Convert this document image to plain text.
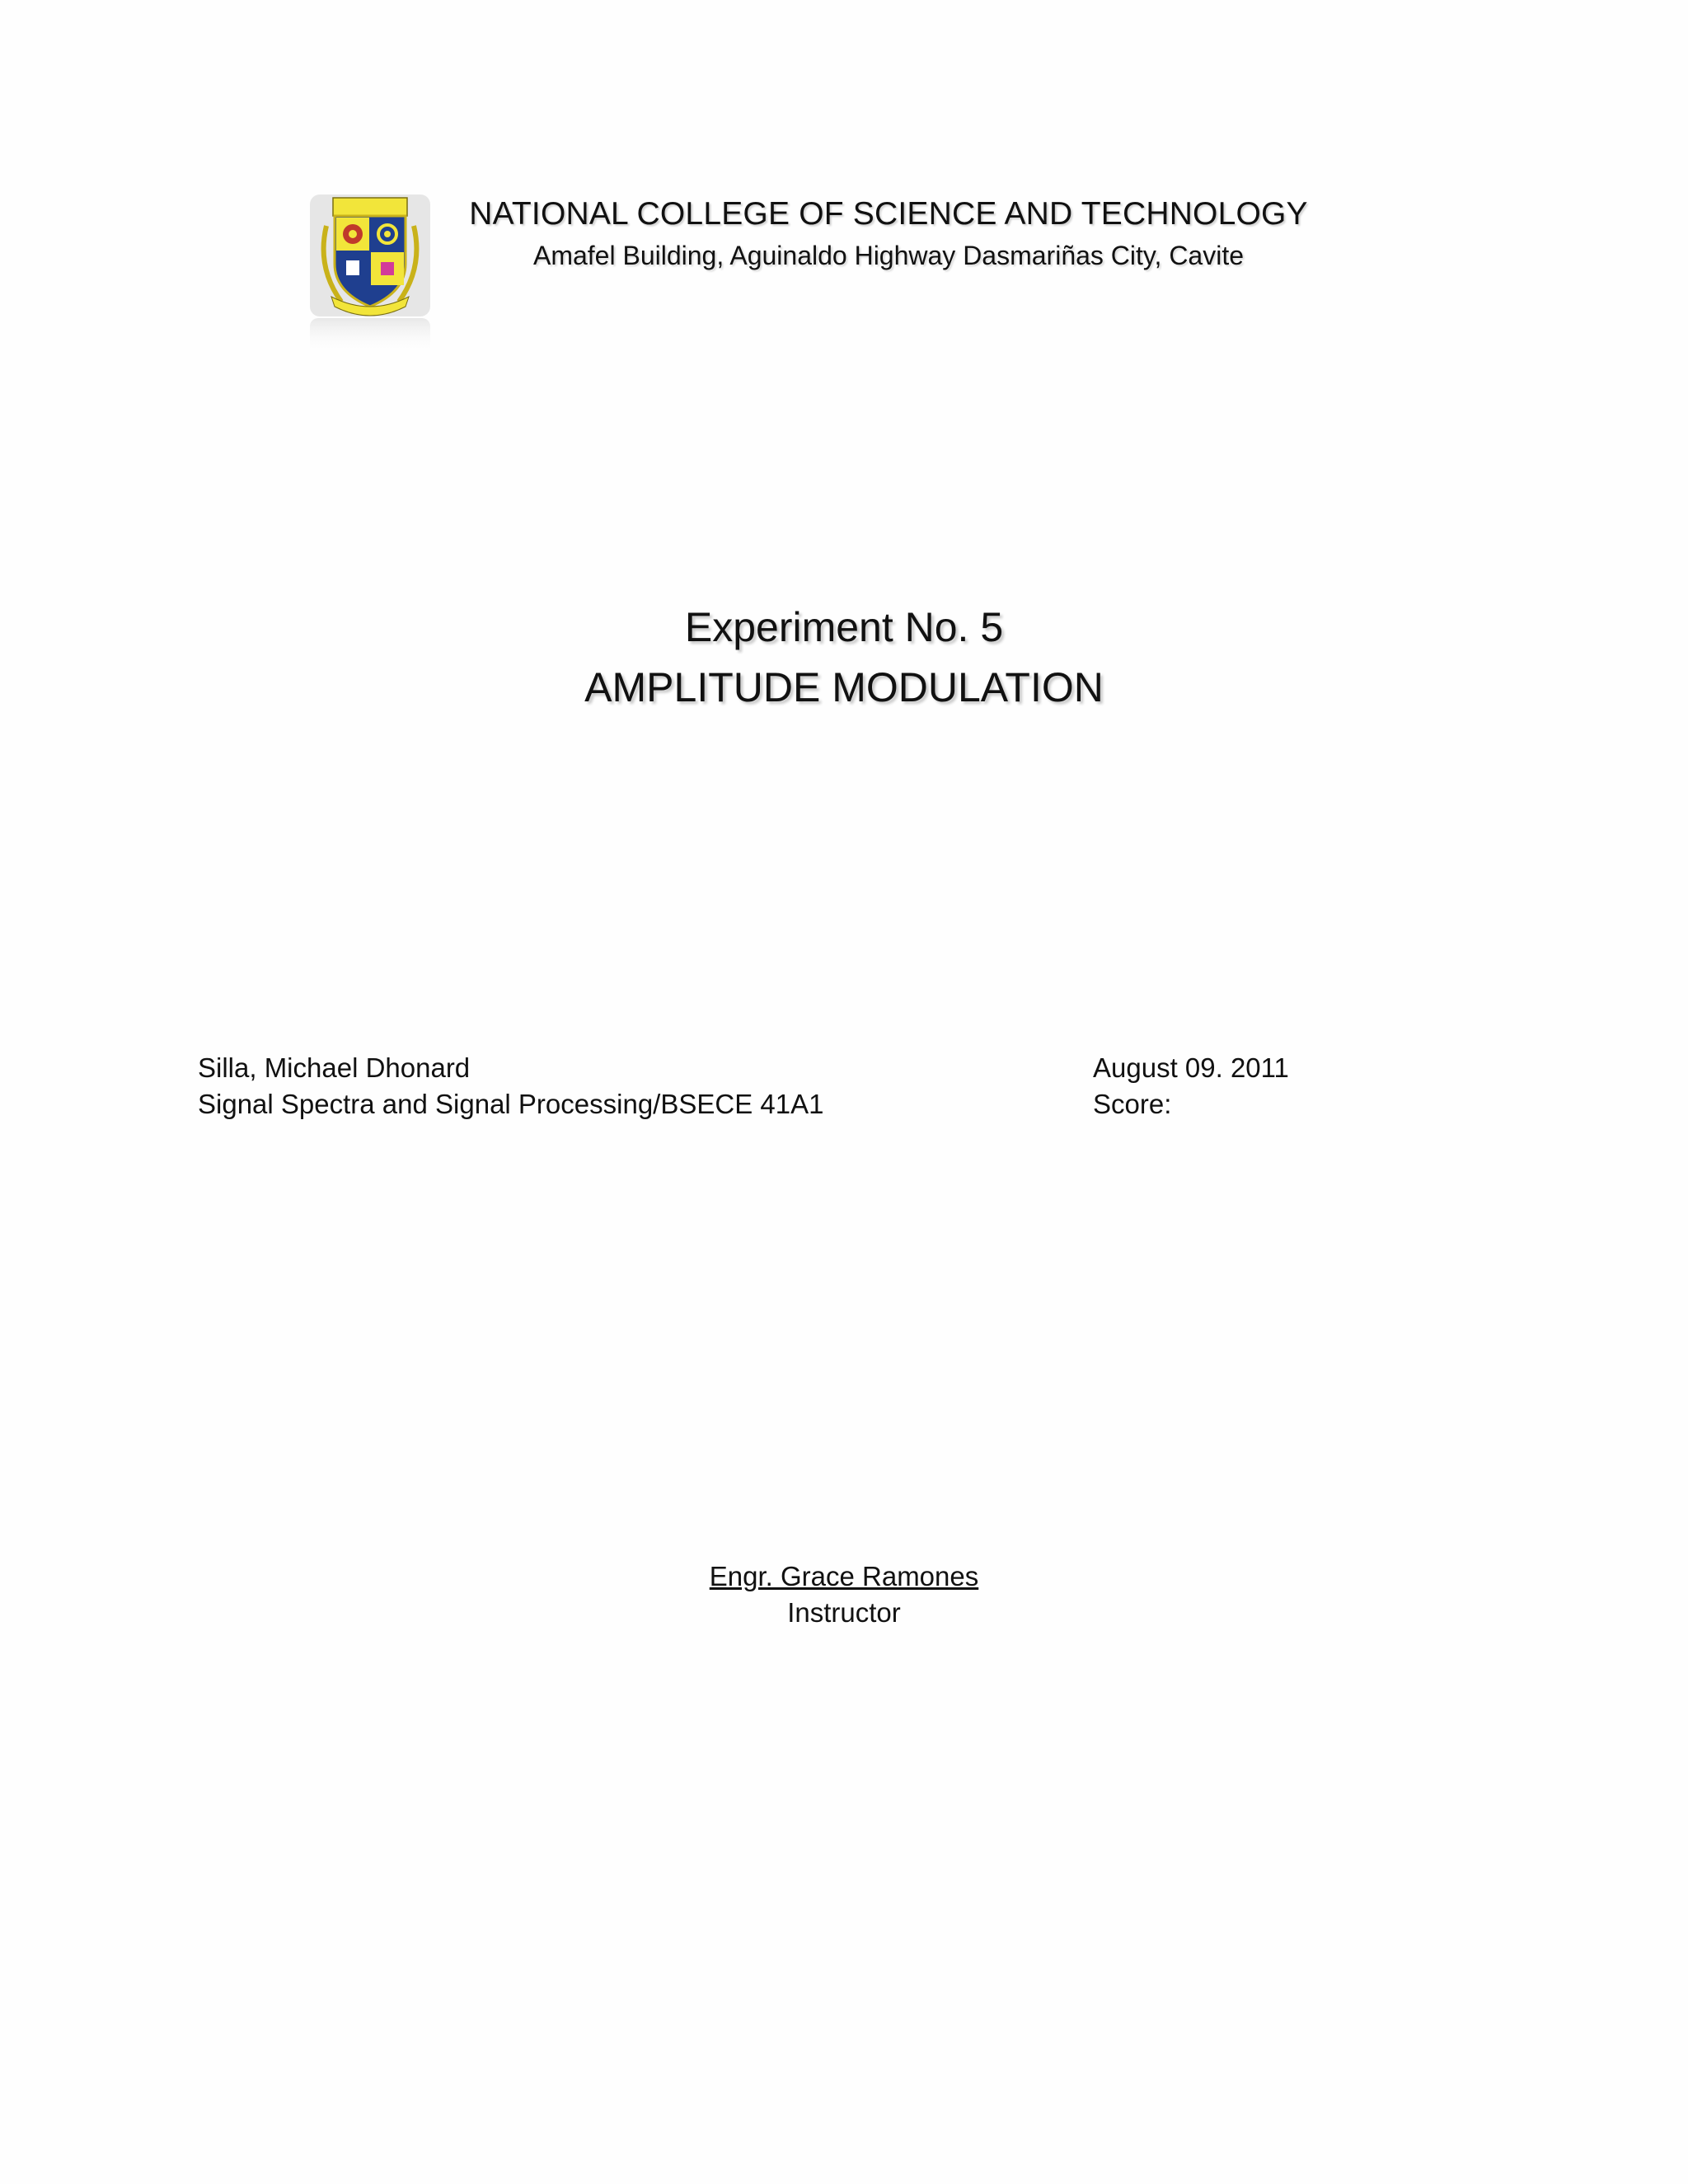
NATIONAL COLLEGE OF SCIENCE AND TECHNOLOGY
Amafel Building, Aguinaldo Highway Dasmariñas City, Cavite
Experiment No. 5
AMPLITUDE MODULATION
Silla, Michael Dhonard
Signal Spectra and Signal Processing/BSECE 41A1
August 09. 2011
Score:
Engr. Grace Ramones
Instructor
